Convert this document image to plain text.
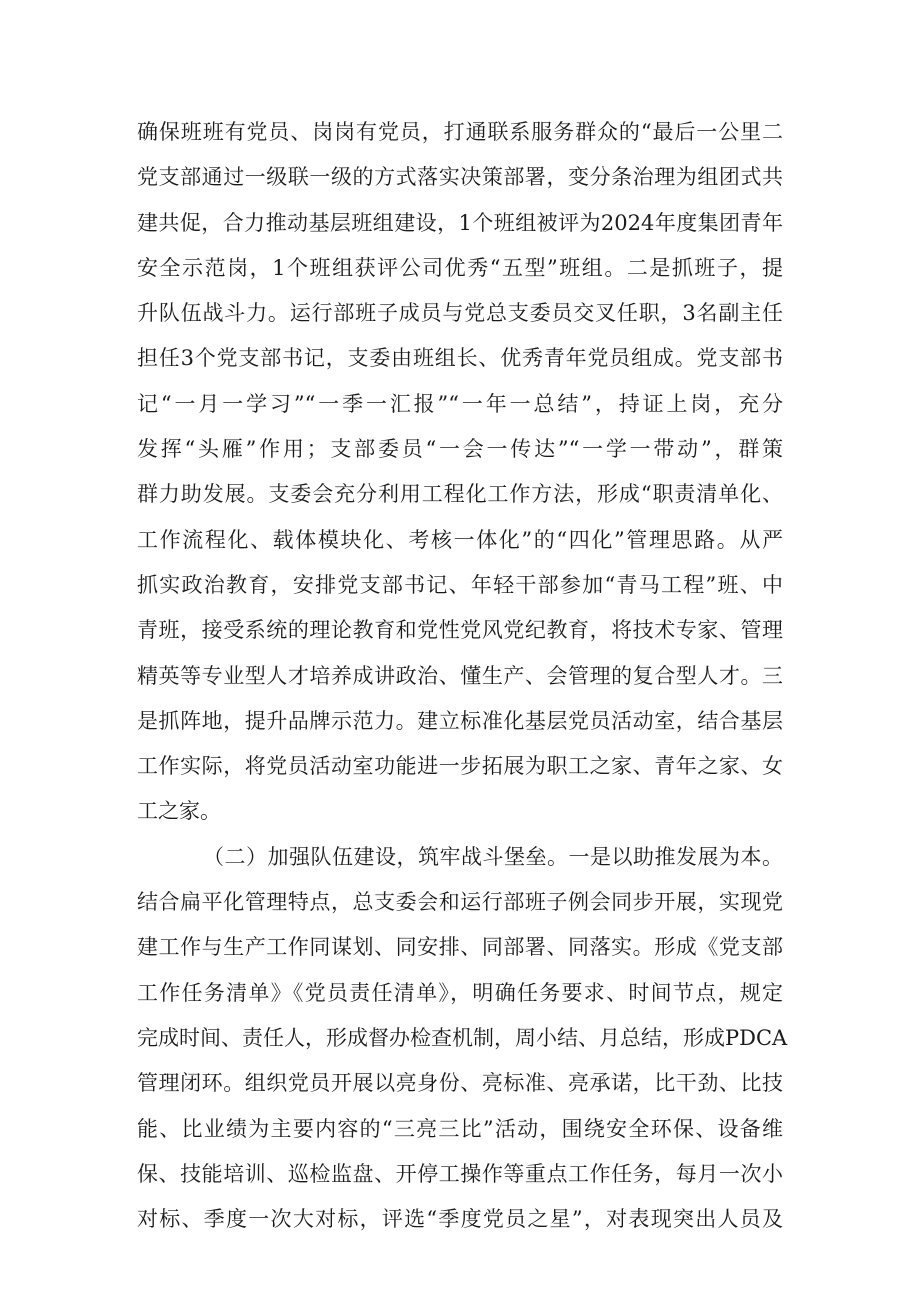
确保班班有党员、岗岗有党员，打通联系服务群众的“最后一公里二
党支部通过一级联一级的方式落实决策部署，变分条治理为组团式共
建共促，合力推动基层班组建设，1个班组被评为2024年度集团青年
安全示范岗，1个班组获评公司优秀“五型”班组。二是抓班子，提
升队伍战斗力。运行部班子成员与党总支委员交叉任职，3名副主任
担任3个党支部书记，支委由班组长、优秀青年党员组成。党支部书
记“一月一学习”“一季一汇报”“一年一总结”，持证上岗，充分
发挥“头雁”作用；支部委员“一会一传达”“一学一带动”，群策
群力助发展。支委会充分利用工程化工作方法，形成“职责清单化、
工作流程化、载体模块化、考核一体化”的“四化”管理思路。从严
抓实政治教育，安排党支部书记、年轻干部参加“青马工程”班、中
青班，接受系统的理论教育和党性党风党纪教育，将技术专家、管理
精英等专业型人才培养成讲政治、懂生产、会管理的复合型人才。三
是抓阵地，提升品牌示范力。建立标准化基层党员活动室，结合基层
工作实际，将党员活动室功能进一步拓展为职工之家、青年之家、女
工之家。
（二）加强队伍建设，筑牢战斗堡垒。一是以助推发展为本。
结合扁平化管理特点，总支委会和运行部班子例会同步开展，实现党
建工作与生产工作同谋划、同安排、同部署、同落实。形成《党支部
工作任务清单》《党员责任清单》，明确任务要求、时间节点，规定
完成时间、责任人，形成督办检查机制，周小结、月总结，形成PDCA
管理闭环。组织党员开展以亮身份、亮标准、亮承诺，比干劲、比技
能、比业绩为主要内容的“三亮三比”活动，围绕安全环保、设备维
保、技能培训、巡检监盘、开停工操作等重点工作任务，每月一次小
对标、季度一次大对标，评选“季度党员之星”，对表现突出人员及
